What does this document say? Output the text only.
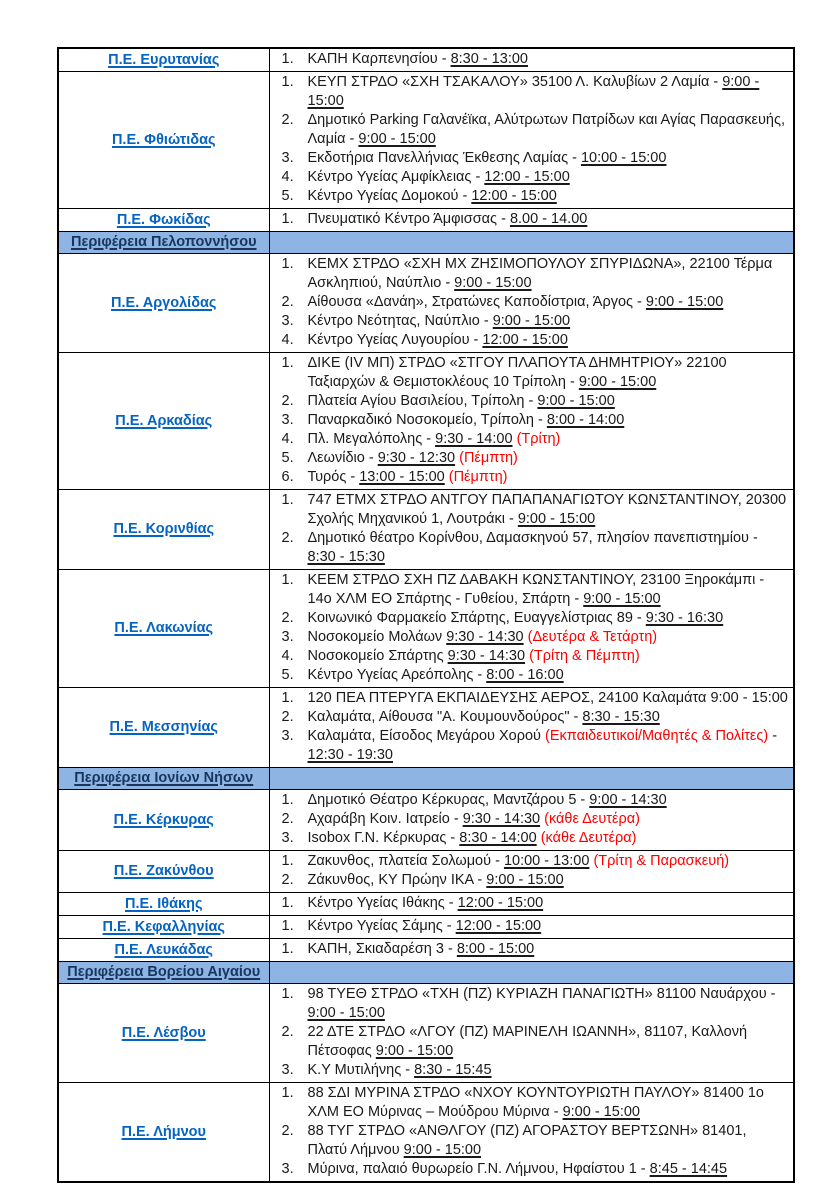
Π.Ε. Ευρυτανίας	1. ΚΑΠΗ Καρπενησίου - 8:30 - 13:00

Π.Ε. Φθιώτιδας	
1. ΚΕΥΠ ΣΤΡΔΟ «ΣΧΗ ΤΣΑΚΑΛΟΥ» 35100 Λ. Καλυβίων 2 Λαμία - 9:00 - 15:00
2. Δημοτικό Parking Γαλανέϊκα, Αλύτρωτων Πατρίδων και Αγίας Παρασκευής, Λαμία - 9:00 - 15:00
3. Εκδοτήρια Πανελλήνιας Έκθεσης Λαμίας - 10:00 - 15:00
4. Κέντρο Υγείας Αμφίκλειας - 12:00 - 15:00
5. Κέντρο Υγείας Δομοκού - 12:00 - 15:00

Π.Ε. Φωκίδας	1. Πνευματικό Κέντρο Άμφισσας - 8.00 - 14.00

Περιφέρεια Πελοποννήσου	

Π.Ε. Αργολίδας	
1. ΚΕΜΧ ΣΤΡΔΟ «ΣΧΗ ΜΧ ΖΗΣΙΜΟΠΟΥΛΟΥ ΣΠΥΡΙΔΩΝΑ», 22100 Τέρμα Ασκληπιού, Ναύπλιο - 9:00 - 15:00
2. Αίθουσα «Δανάη», Στρατώνες Καποδίστρια, Άργος - 9:00 - 15:00
3. Κέντρο Νεότητας, Ναύπλιο - 9:00 - 15:00
4. Κέντρο Υγείας Λυγουρίου - 12:00 - 15:00

Π.Ε. Αρκαδίας	
1. ΔΙΚΕ (IV ΜΠ) ΣΤΡΔΟ «ΣΤΓΟΥ ΠΛΑΠΟΥΤΑ ΔΗΜΗΤΡΙΟΥ» 22100 Ταξιαρχών & Θεμιστοκλέους 10 Τρίπολη - 9:00 - 15:00
2. Πλατεία Αγίου Βασιλείου, Τρίπολη - 9:00 - 15:00
3. Παναρκαδικό Νοσοκομείο, Τρίπολη - 8:00 - 14:00
4. Πλ. Μεγαλόπολης - 9:30 - 14:00 (Τρίτη)
5. Λεωνίδιο - 9:30 - 12:30 (Πέμπτη)
6. Τυρός - 13:00 - 15:00 (Πέμπτη)

Π.Ε. Κορινθίας	1. 747 ΕΤΜΧ ΣΤΡΔΟ ΑΝΤΓΟΥ ΠΑΠΑΠΑΝΑΓΙΩΤΟΥ ΚΩΝΣΤΑΝΤΙΝΟΥ, 20300 Σχολής Μηχανικού 1, Λουτράκι - 9:00 - 15:00
2. Δημοτικό θέατρο Κορίνθου, Δαμασκηνού 57, πλησίον πανεπιστημίου - 8:30 - 15:30

Π.Ε. Λακωνίας	
1. ΚΕΕΜ ΣΤΡΔΟ ΣΧΗ ΠΖ ΔΑΒΑΚΗ ΚΩΝΣΤΑΝΤΙΝΟΥ, 23100 Ξηροκάμπι - 14ο ΧΛΜ ΕΟ Σπάρτης - Γυθείου, Σπάρτη - 9:00 - 15:00
2. Κοινωνικό Φαρμακείο Σπάρτης, Ευαγγελίστριας 89 - 9:30 - 16:30
3. Νοσοκομείο Μολάων 9:30 - 14:30 (Δευτέρα & Τετάρτη)
4. Νοσοκομείο Σπάρτης 9:30 - 14:30 (Τρίτη & Πέμπτη)
5. Κέντρο Υγείας Αρεόπολης - 8:00 - 16:00

Π.Ε. Μεσσηνίας	
1. 120 ΠΕΑ ΠΤΕΡΥΓΑ ΕΚΠΑΙΔΕΥΣΗΣ ΑΕΡΟΣ, 24100 Καλαμάτα 9:00 - 15:00
2. Καλαμάτα, Αίθουσα "Α. Κουμουνδούρος" - 8:30 - 15:30
3. Καλαμάτα, Είσοδος Μεγάρου Χορού (Εκπαιδευτικοί/Μαθητές & Πολίτες) - 12:30 - 19:30

Περιφέρεια Ιονίων Νήσων	

Π.Ε. Κέρκυρας	
1. Δημοτικό Θέατρο Κέρκυρας, Μαντζάρου 5 - 9:00 - 14:30
2. Αχαράβη Κοιν. Ιατρείο - 9:30 - 14:30 (κάθε Δευτέρα)
3. Isobox Γ.Ν. Κέρκυρας - 8:30 - 14:00 (κάθε Δευτέρα)

Π.Ε. Ζακύνθου	1. Ζακυνθος, πλατεία Σολωμού - 10:00 - 13:00 (Τρίτη & Παρασκευή)
2. Ζάκυνθος, ΚΥ Πρώην ΙΚΑ - 9:00 - 15:00

Π.Ε. Ιθάκης	1. Κέντρο Υγείας Ιθάκης - 12:00 - 15:00

Π.Ε. Κεφαλληνίας	1. Κέντρο Υγείας Σάμης - 12:00 - 15:00

Π.Ε. Λευκάδας	1. ΚΑΠΗ, Σκιαδαρέση 3 - 8:00 - 15:00

Περιφέρεια Βορείου Αιγαίου	

Π.Ε. Λέσβου	
1. 98 ΤΥΕΘ ΣΤΡΔΟ «ΤΧΗ (ΠΖ) ΚΥΡΙΑΖΗ ΠΑΝΑΓΙΩΤΗ» 81100 Ναυάρχου - 9:00 - 15:00
2. 22 ΔΤΕ ΣΤΡΔΟ «ΛΓΟΥ (ΠΖ) ΜΑΡΙΝΕΛΗ ΙΩΑΝΝΗ», 81107, Καλλονή Πέτσοφας 9:00 - 15:00
3. Κ.Υ Μυτιλήνης - 8:30 - 15:45

Π.Ε. Λήμνου	
1. 88 ΣΔΙ ΜΥΡΙΝΑ ΣΤΡΔΟ «ΝΧΟΥ ΚΟΥΝΤΟΥΡΙΩΤΗ ΠΑΥΛΟΥ» 81400 1ο ΧΛΜ ΕΟ Μύρινας – Μούδρου Μύρινα - 9:00 - 15:00
2. 88 ΤΥΓ ΣΤΡΔΟ «ΑΝΘΛΓΟΥ (ΠΖ) ΑΓΟΡΑΣΤΟΥ ΒΕΡΤΣΩΝΗ» 81401, Πλατύ Λήμνου 9:00 - 15:00
3. Μύρινα, παλαιό θυρωρείο Γ.Ν. Λήμνου, Ηφαίστου 1 - 8:45 - 14:45
